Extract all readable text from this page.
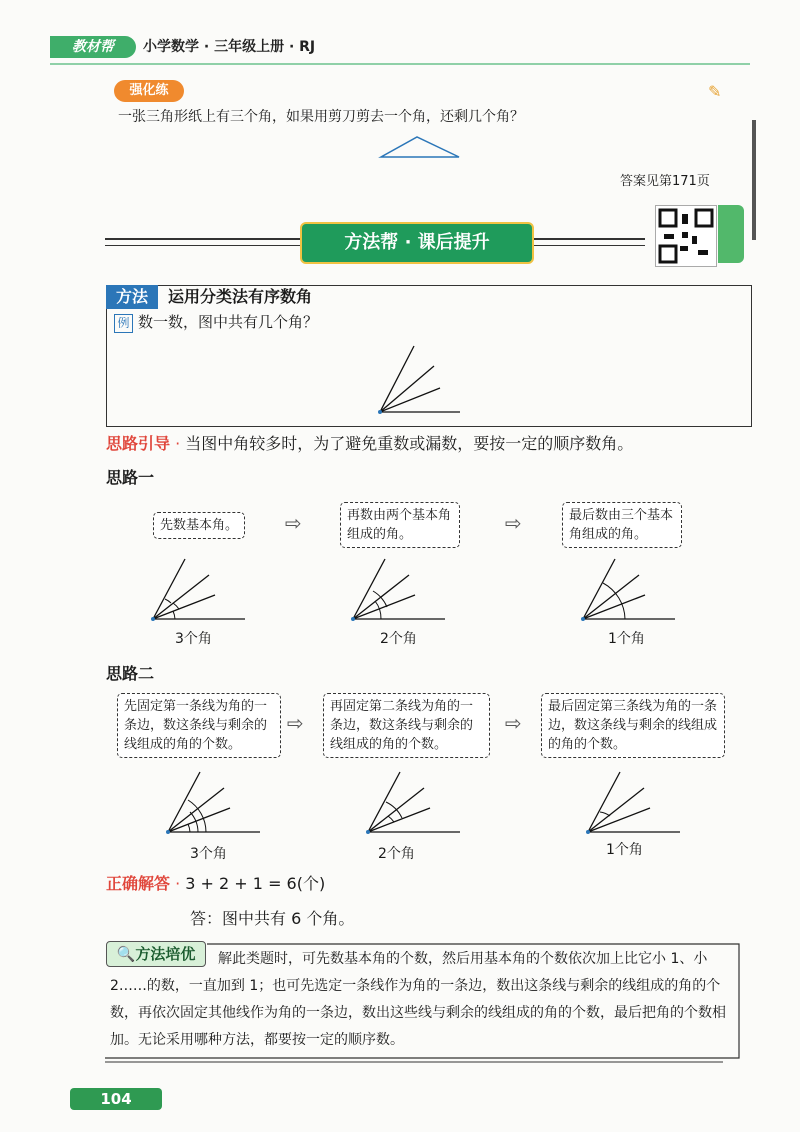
教材帮	小学数学 · 三年级上册 · RJ
强化练	✎
一张三角形纸上有三个角，如果用剪刀剪去一个角，还剩几个角？
答案见第171页
方法帮 · 课后提升
方法	运用分类法有序数角
例 数一数，图中共有几个角？
思路引导 · 当图中角较多时，为了避免重数或漏数，要按一定的顺序数角。
思路一
先数基本角。	⇨	再数由两个基本角组成的角。	⇨	最后数由三个基本角组成的角。
3个角	2个角	1个角
思路二
先固定第一条线为角的一条边，数这条线与剩余的线组成的角的个数。
⇨
再固定第二条线为角的一条边，数这条线与剩余的线组成的角的个数。
⇨
最后固定第三条线为角的一条边，数这条线与剩余的线组成的角的个数。
3个角	2个角	1个角
正确解答 · 3 + 2 + 1 = 6(个)
答：图中共有 6 个角。
🔍方法培优	解此类题时，可先数基本角的个数，然后用基本角的个数依次加上比它小 1、小 2……的数，一直加到 1；也可先选定一条线作为角的一条边，数出这条线与剩余的线组成的角的个数，再依次固定其他线作为角的一条边，数出这些线与剩余的线组成的角的个数，最后把角的个数相加。无论采用哪种方法，都要按一定的顺序数。
104
